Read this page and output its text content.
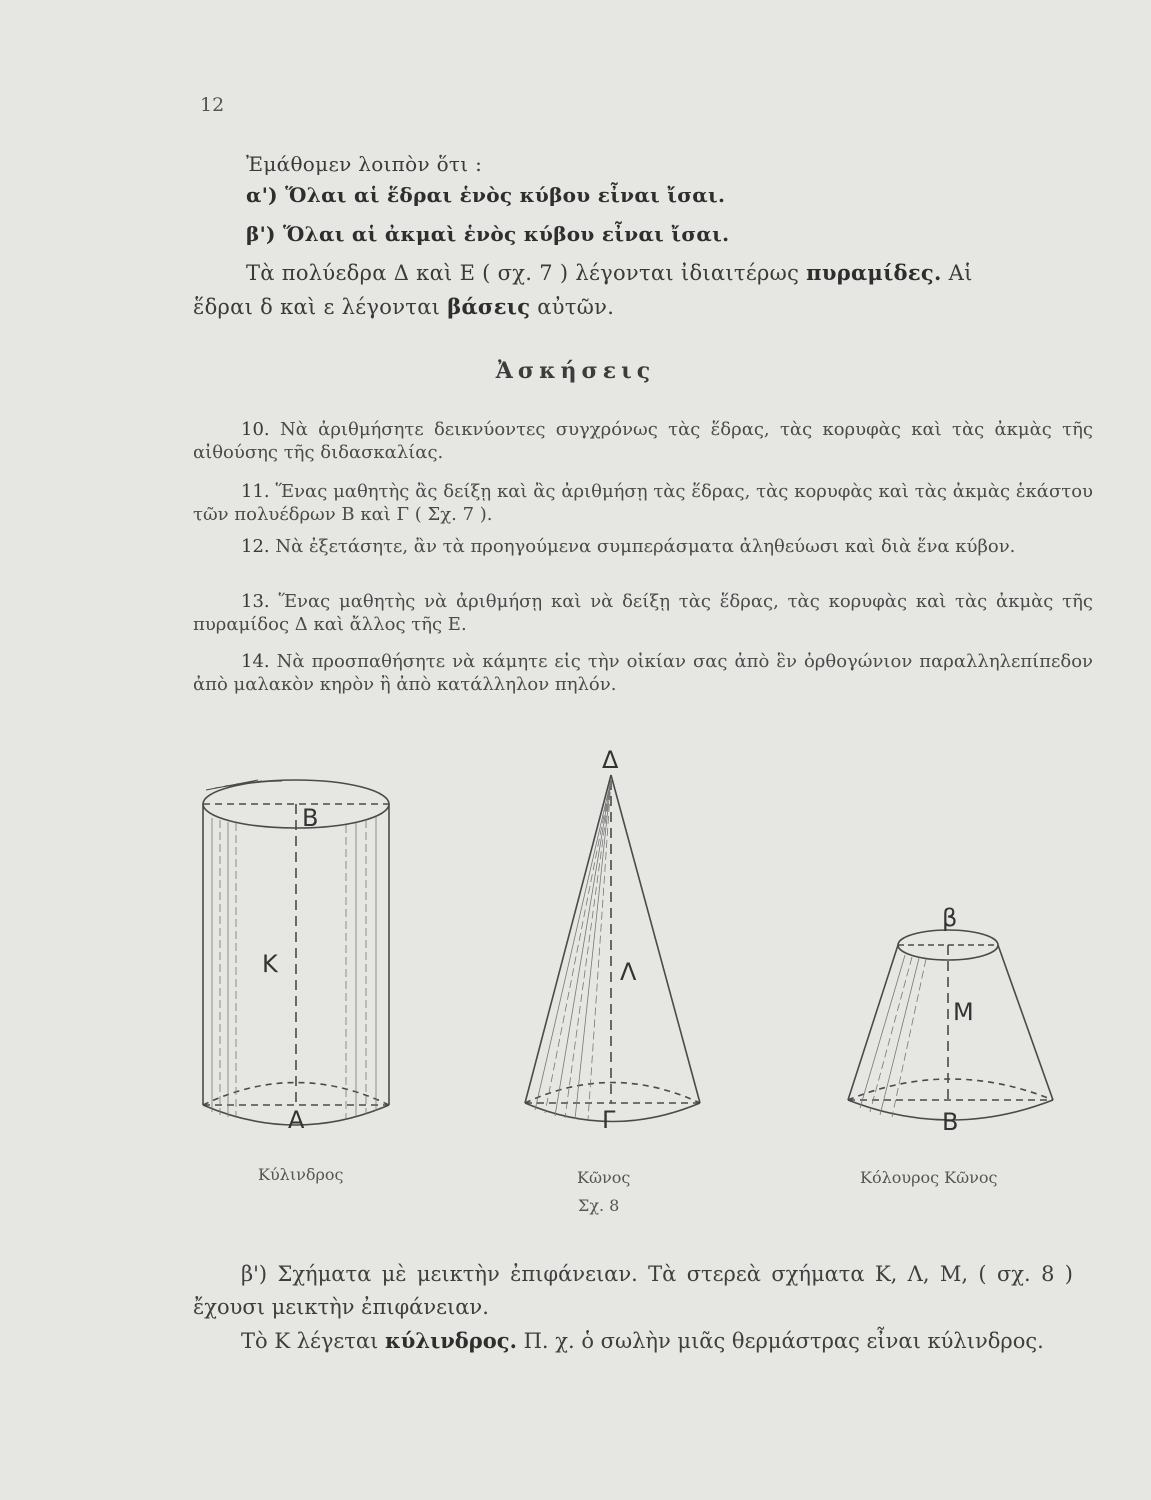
12
Ἐμάθομεν λοιπὸν ὅτι :
α') Ὅλαι αἱ ἕδραι ἑνὸς κύβου εἶναι ἴσαι.
β') Ὅλαι αἱ ἀκμαὶ ἑνὸς κύβου εἶναι ἴσαι.
Τὰ πολύεδρα Δ καὶ Ε ( σχ. 7 ) λέγονται ἰδιαιτέρως πυραμίδες. Αἱ
ἕδραι δ καὶ ε λέγονται βάσεις αὐτῶν.
Ἀσκήσεις
10. Νὰ ἀριθμήσητε δεικνύοντες συγχρόνως τὰς ἕδρας, τὰς κορυφὰς καὶ τὰς ἀκμὰς τῆς αἰθούσης τῆς διδασκαλίας.
11. Ἕνας μαθητὴς ἂς δείξῃ καὶ ἂς ἀριθμήσῃ τὰς ἕδρας, τὰς κορυφὰς καὶ τὰς ἀκμὰς ἑκάστου τῶν πολυέδρων Β καὶ Γ ( Σχ. 7 ).
12. Νὰ ἐξετάσητε, ἂν τὰ προηγούμενα συμπεράσματα ἀληθεύωσι καὶ διὰ ἕνα κύβον.
13. Ἕνας μαθητὴς νὰ ἀριθμήσῃ καὶ νὰ δείξῃ τὰς ἕδρας, τὰς κορυφὰς καὶ τὰς ἀκμὰς τῆς πυραμίδος Δ καὶ ἄλλος τῆς Ε.
14. Νὰ προσπαθήσητε νὰ κάμητε εἰς τὴν οἰκίαν σας ἀπὸ ἓν ὀρθογώνιον παραλληλεπίπεδον ἀπὸ μαλακὸν κηρὸν ἢ ἀπὸ κατάλληλον πηλόν.
Β
Κ
Α
Δ
Λ
Γ
β
Μ
Β
Κύλινδρος	Κῶνος
Σχ. 8
Κόλουρος Κῶνος
β') Σχήματα μὲ μεικτὴν ἐπιφάνειαν. Τὰ στερεὰ σχήματα Κ, Λ, Μ, ( σχ. 8 ) ἔχουσι μεικτὴν ἐπιφάνειαν.
Τὸ Κ λέγεται κύλινδρος. Π. χ. ὁ σωλὴν μιᾶς θερμάστρας εἶναι κύλινδρος.
